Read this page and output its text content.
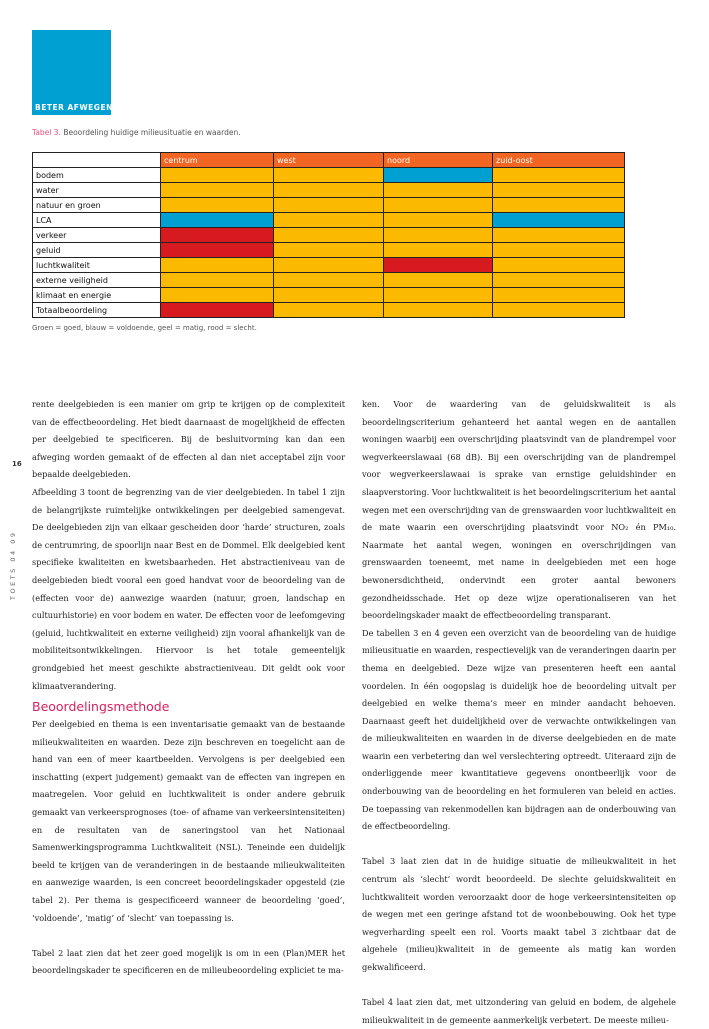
BETER AFWEGEN
Tabel 3. Beoordeling huidige milieusituatie en waarden.
	centrum	west	noord	zuid-oost
bodem				
water				
natuur en groen				
LCA				
verkeer				
geluid				
luchtkwaliteit				
externe veiligheid				
klimaat en energie				
Totaalbeoordeling				
Groen = goed, blauw = voldoende, geel = matig, rood = slecht.
16
TOETS 04 09

rente deelgebieden is een manier om grip te krijgen op de complexiteit van de effectbeoordeling. Het biedt daarnaast de mogelijkheid de effecten per deelgebied te specificeren. Bij de besluitvorming kan dan een afweging worden gemaakt of de effecten al dan niet acceptabel zijn voor bepaalde deelgebieden.

Afbeelding 3 toont de begrenzing van de vier deelgebieden. In tabel 1 zijn de belangrijkste ruimtelijke ontwikkelingen per deelgebied samengevat. De deelgebieden zijn van elkaar gescheiden door ‘harde’ structuren, zoals de centrumring, de spoorlijn naar Best en de Dommel. Elk deelgebied kent specifieke kwaliteiten en kwetsbaarheden. Het abstractieniveau van de deelgebieden biedt vooral een goed handvat voor de beoordeling van de (effecten voor de) aanwezige waarden (natuur, groen, landschap en cultuurhistorie) en voor bodem en water. De effecten voor de leefomgeving (geluid, luchtkwaliteit en externe veiligheid) zijn vooral afhankelijk van de mobiliteitsontwikkelingen. Hiervoor is het totale gemeentelijk grondgebied het meest geschikte abstractieniveau. Dit geldt ook voor klimaatverandering.

Beoordelingsmethode

Per deelgebied en thema is een inventarisatie gemaakt van de bestaande milieukwaliteiten en waarden. Deze zijn beschreven en toegelicht aan de hand van een of meer kaartbeelden. Vervolgens is per deelgebied een inschatting (expert judgement) gemaakt van de effecten van ingrepen en maatregelen. Voor geluid en luchtkwaliteit is onder andere gebruik gemaakt van verkeersprognoses (toe- of afname van verkeersintensiteiten) en de resultaten van de saneringstool van het Nationaal Samenwerkingsprogramma Luchtkwaliteit (NSL). Teneinde een duidelijk beeld te krijgen van de veranderingen in de bestaande milieukwaliteiten en aanwezige waarden, is een concreet beoordelingskader opgesteld (zie tabel 2). Per thema is gespecificeerd wanneer de beoordeling ‘goed’, ‘voldoende’, ‘matig’ of ‘slecht’ van toepassing is.

Tabel 2 laat zien dat het zeer goed mogelijk is om in een (Plan)MER het beoordelingskader te specificeren en de milieubeoordeling expliciet te ma-

ken. Voor de waardering van de geluidskwaliteit is als beoordelingscriterium gehanteerd het aantal wegen en de aantallen woningen waarbij een overschrijding plaatsvindt van de plandrempel voor wegverkeerslawaai (68 dB). Bij een overschrijding van de plandrempel voor wegverkeerslawaai is sprake van ernstige geluidshinder en slaapverstoring. Voor luchtkwaliteit is het beoordelingscriterium het aantal wegen met een overschrijding van de grenswaarden voor luchtkwaliteit en de mate waarin een overschrijding plaatsvindt voor NO₂ én PM₁₀. Naarmate het aantal wegen, woningen en overschrijdingen van grenswaarden toeneemt, met name in deelgebieden met een hoge bewonersdichtheid, ondervindt een groter aantal bewoners gezondheidsschade. Het op deze wijze operationaliseren van het beoordelingskader maakt de effectbeoordeling transparant.

De tabellen 3 en 4 geven een overzicht van de beoordeling van de huidige milieusituatie en waarden, respectievelijk van de veranderingen daarin per thema en deelgebied. Deze wijze van presenteren heeft een aantal voordelen. In één oogopslag is duidelijk hoe de beoordeling uitvalt per deelgebied en welke thema’s meer en minder aandacht behoeven. Daarnaast geeft het duidelijkheid over de verwachte ontwikkelingen van de milieukwaliteiten en waarden in de diverse deelgebieden en de mate waarin een verbetering dan wel verslechtering optreedt. Uiteraard zijn de onderliggende meer kwantitatieve gegevens onontbeerlijk voor de onderbouwing van de beoordeling en het formuleren van beleid en acties. De toepassing van rekenmodellen kan bijdragen aan de onderbouwing van de effectbeoordeling.

Tabel 3 laat zien dat in de huidige situatie de milieukwaliteit in het centrum als ‘slecht’ wordt beoordeeld. De slechte geluidskwaliteit en luchtkwaliteit worden veroorzaakt door de hoge verkeersintensiteiten op de wegen met een geringe afstand tot de woonbebouwing. Ook het type wegverharding speelt een rol. Voorts maakt tabel 3 zichtbaar dat de algehele (milieu)kwaliteit in de gemeente als matig kan worden gekwalificeerd.

Tabel 4 laat zien dat, met uitzondering van geluid en bodem, de algehele milieukwaliteit in de gemeente aanmerkelijk verbetert. De meeste milieu-
